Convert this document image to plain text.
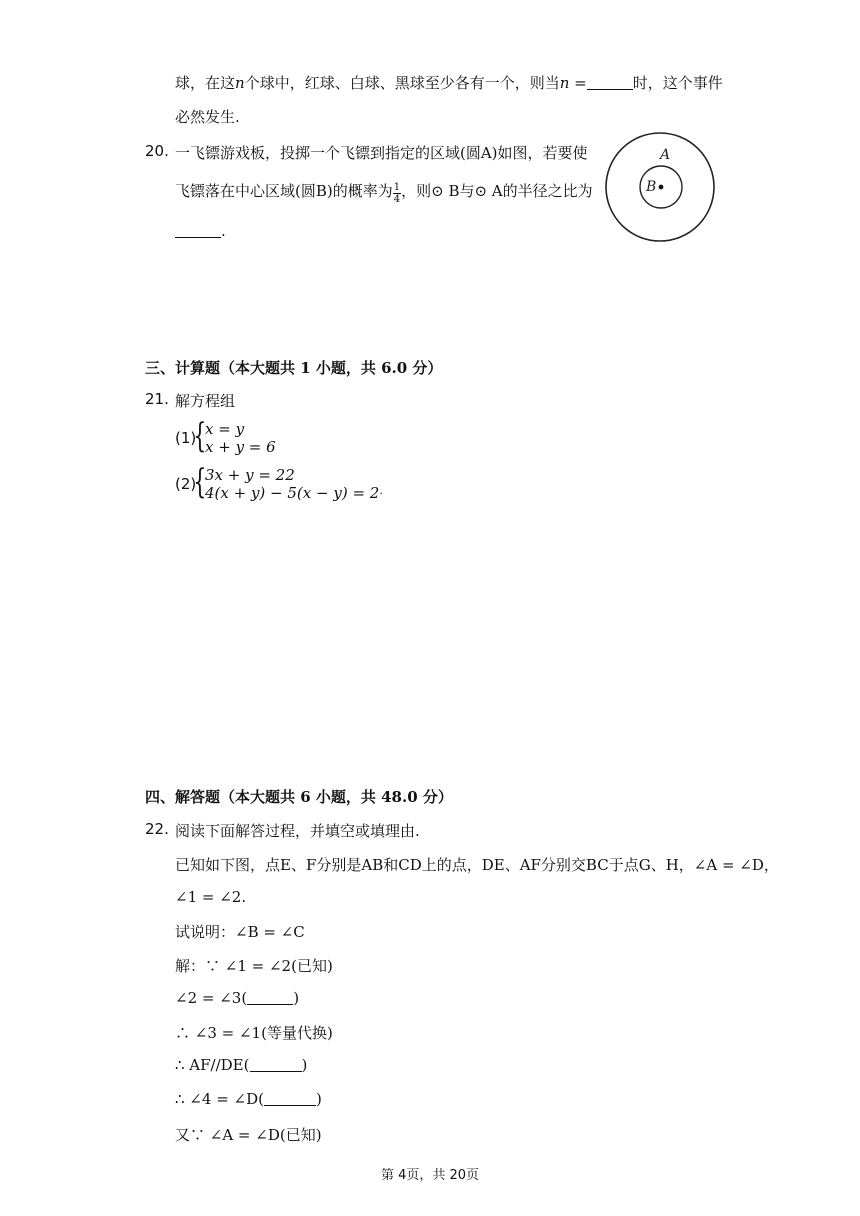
球，在这n个球中，红球、白球、黑球至少各有一个，则当n =	时，这个事件
必然发生.
20. 一飞镖游戏板，投掷一个飞镖到指定的区域(圆A)如图，若要使
飞镖落在中心区域(圆B)的概率为 $\frac{1}{4}$ ，则⊙ B与⊙ A的半径之比为
.
A
B
三、计算题（本大题共 1 小题，共 6.0 分）
21. 解方程组
(1)
{
x = y
x + y = 6
(2)
{
3x + y = 22
4(x + y) − 5(x − y) = 2.
四、解答题（本大题共 6 小题，共 48.0 分）
22. 阅读下面解答过程，并填空或填理由.
已知如下图，点E、F分别是AB和CD上的点，DE、AF分别交BC于点G、H，∠A = ∠D，
∠1 = ∠2.
试说明：∠B = ∠C
解：∵ ∠1 = ∠2(已知)
∠2 = ∠3(	)
∴ ∠3 = ∠1(等量代换)
∴ AF//DE(	)
∴ ∠4 = ∠D(	)
又∵ ∠A = ∠D(已知)
第 4页，共 20页
